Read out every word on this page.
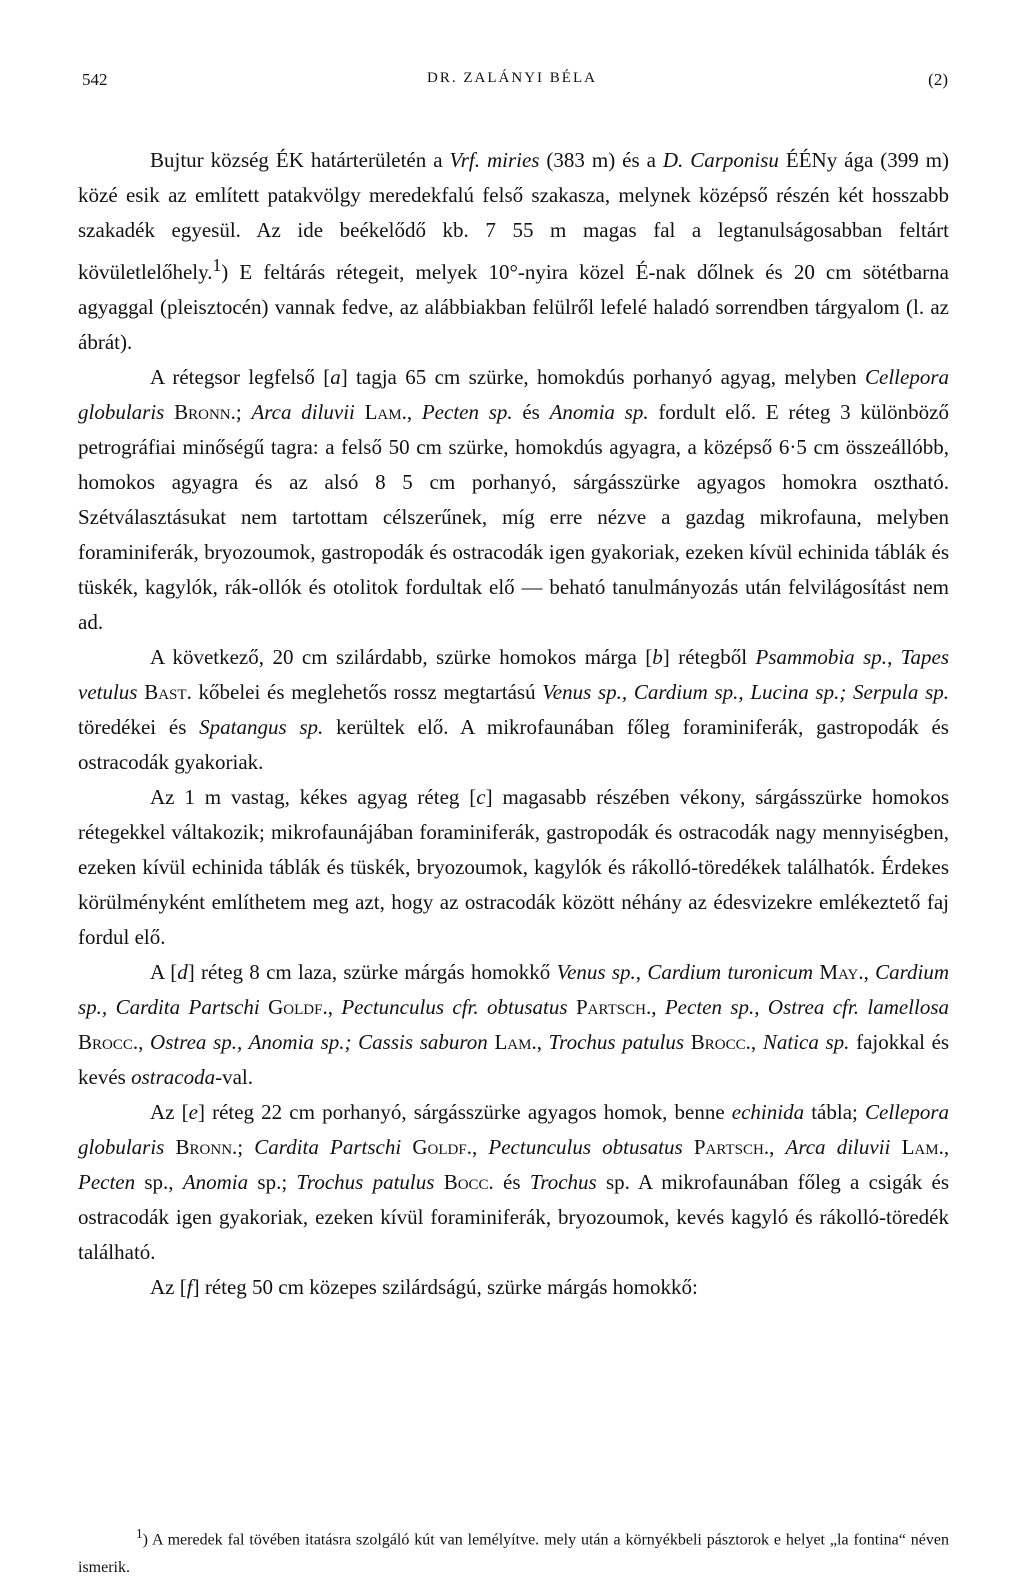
542	DR. ZALÁNYI BÉLA	(2)

Bujtur község ÉK határterületén a Vrf. miries (383 m) és a D. Carponisu ÉÉNy ága (399 m) közé esik az említett patakvölgy meredekfalú felső szakasza, melynek középső részén két hosszabb szakadék egyesül. Az ide beékelődő kb. 7 55 m magas fal a legtanulságosabban feltárt kövületlelőhely.$^1$) E feltárás rétegeit, melyek 10°-nyira közel É-nak dőlnek és 20 cm sötétbarna agyaggal (pleisztocén) vannak fedve, az alábbiakban felülről lefelé haladó sorrendben tárgyalom (l. az ábrát).

A rétegsor legfelső [a] tagja 65 cm szürke, homokdús porhanyó agyag, melyben Cellepora globularis Bronn.; Arca diluvii Lam., Pecten sp. és Anomia sp. fordult elő. E réteg 3 különböző petrográfiai minőségű tagra: a felső 50 cm szürke, homokdús agyagra, a középső 6·5 cm összeállóbb, homokos agyagra és az alsó 8 5 cm porhanyó, sárgásszürke agyagos homokra osztható. Szétválasztásukat nem tartottam célszerűnek, míg erre nézve a gazdag mikrofauna, melyben foraminiferák, bryozoumok, gastropodák és ostracodák igen gyakoriak, ezeken kívül echinida táblák és tüskék, kagylók, rák-ollók és otolitok fordultak elő — beható tanulmányozás után felvilágosítást nem ad.

A következő, 20 cm szilárdabb, szürke homokos márga [b] rétegből Psammobia sp., Tapes vetulus Bast. kőbelei és meglehetős rossz megtartású Venus sp., Cardium sp., Lucina sp.; Serpula sp. töredékei és Spatangus sp. kerültek elő. A mikrofaunában főleg foraminiferák, gastropodák és ostracodák gyakoriak.

Az 1 m vastag, kékes agyag réteg [c] magasabb részében vékony, sárgásszürke homokos rétegekkel váltakozik; mikrofaunájában foraminiferák, gastropodák és ostracodák nagy mennyiségben, ezeken kívül echinida táblák és tüskék, bryozoumok, kagylók és rákolló-töredékek találhatók. Érdekes körülményként említhetem meg azt, hogy az ostracodák között néhány az édesvizekre emlékeztető faj fordul elő.

A [d] réteg 8 cm laza, szürke márgás homokkő Venus sp., Cardium turonicum May., Cardium sp., Cardita Partschi Goldf., Pectunculus cfr. obtusatus Partsch., Pecten sp., Ostrea cfr. lamellosa Brocc., Ostrea sp., Anomia sp.; Cassis saburon Lam., Trochus patulus Brocc., Natica sp. fajokkal és kevés ostracoda-val.

Az [e] réteg 22 cm porhanyó, sárgásszürke agyagos homok, benne echinida tábla; Cellepora globularis Bronn.; Cardita Partschi Goldf., Pectunculus obtusatus Partsch., Arca diluvii Lam., Pecten sp., Anomia sp.; Trochus patulus Bocc. és Trochus sp. A mikrofaunában főleg a csigák és ostracodák igen gyakoriak, ezeken kívül foraminiferák, bryozoumok, kevés kagyló és rákolló-töredék található.

Az [f] réteg 50 cm közepes szilárdságú, szürke márgás homokkő:

$^1$) A meredek fal tövében itatásra szolgáló kút van lemélyítve. mely után a környékbeli pásztorok e helyet „la fontina“ néven ismerik.
